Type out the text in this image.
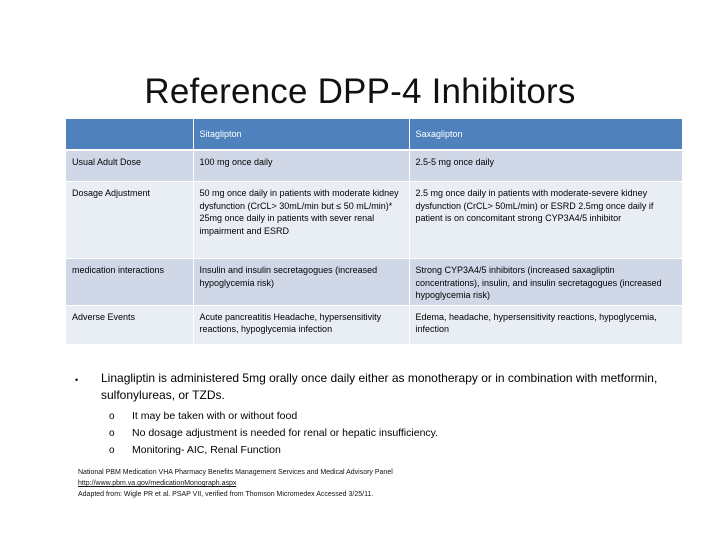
Reference DPP-4 Inhibitors
	Sitaglipton	Saxaglipton
Usual Adult Dose	100 mg once daily	2.5-5 mg once daily
Dosage Adjustment	50 mg once daily in patients with moderate kidney dysfunction (CrCL> 30mL/min but ≤ 50 mL/min)* 25mg once daily in patients with sever renal impairment and ESRD	2.5 mg once daily in patients with moderate-severe kidney dysfunction (CrCL> 50mL/min) or ESRD 2.5mg once daily if patient is on concomitant strong CYP3A4/5 inhibitor
medication interactions	Insulin and insulin secretagogues (increased hypoglycemia risk)	Strong CYP3A4/5 inhibitors (increased saxagliptin concentrations), insulin, and insulin secretagogues (increased hypoglycemia risk)
Adverse Events	Acute pancreatitis Headache, hypersensitivity reactions, hypoglycemia infection	Edema, headache, hypersensitivity reactions, hypoglycemia, infection
• Linagliptin is administered 5mg orally once daily either as monotherapy or in combination with metformin, sulfonylureas, or TZDs.
o It may be taken with or without food
o No dosage adjustment is needed for renal or hepatic insufficiency.
o Monitoring- AIC, Renal Function
National PBM Medication VHA Pharmacy Benefits Management Services and Medical Advisory Panel
http://www.pbm.va.gov/medicationMonograph.aspx
Adapted from: Wigle PR et al. PSAP VII, verified from Thomson Micromedex Accessed 3/25/11.
